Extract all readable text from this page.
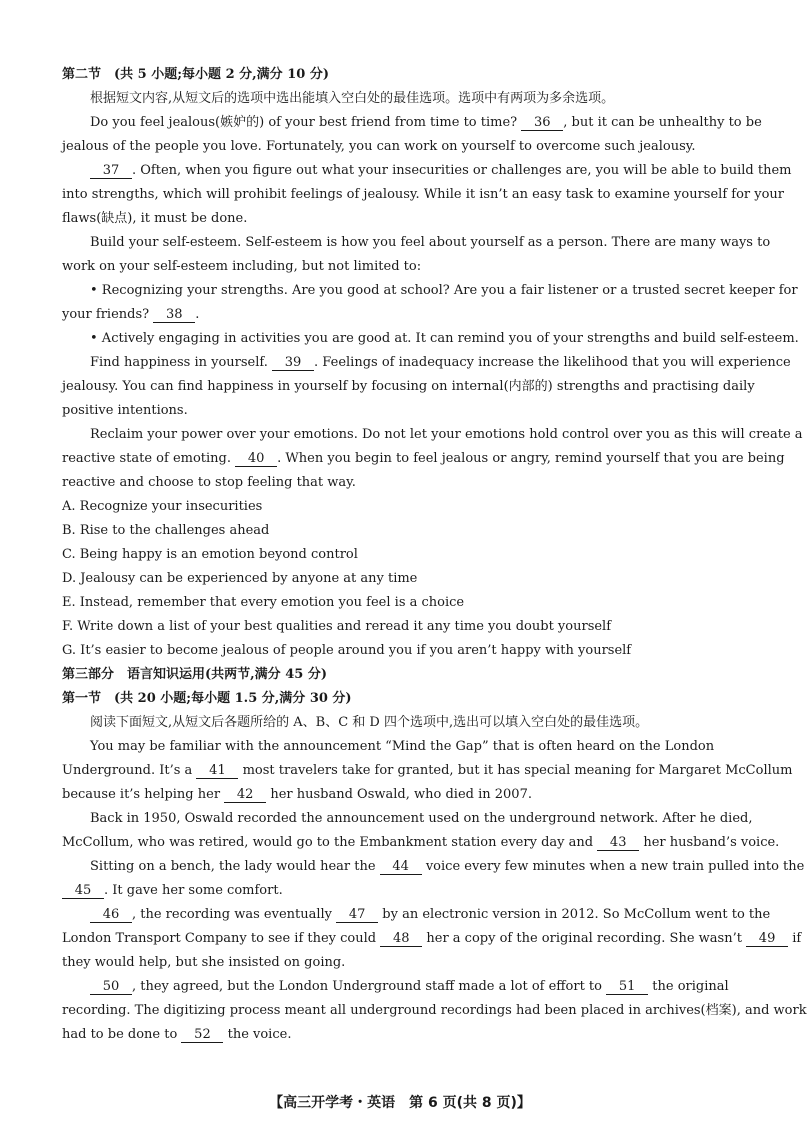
第二节　(共 5 小题;每小题 2 分,满分 10 分)
根据短文内容,从短文后的选项中选出能填入空白处的最佳选项。选项中有两项为多余选项。
Do you feel jealous(嫉妒的) of your best friend from time to time? 36 , but it can be unhealthy to be
jealous of the people you love. Fortunately, you can work on yourself to overcome such jealousy.
37 . Often, when you figure out what your insecurities or challenges are, you will be able to build them
into strengths, which will prohibit feelings of jealousy. While it isn’t an easy task to examine yourself for your
flaws(缺点), it must be done.
Build your self-esteem. Self-esteem is how you feel about yourself as a person. There are many ways to
work on your self-esteem including, but not limited to:
• Recognizing your strengths. Are you good at school? Are you a fair listener or a trusted secret keeper for
your friends? 38 .
• Actively engaging in activities you are good at. It can remind you of your strengths and build self-esteem.
Find happiness in yourself. 39 . Feelings of inadequacy increase the likelihood that you will experience
jealousy. You can find happiness in yourself by focusing on internal(内部的) strengths and practising daily
positive intentions.
Reclaim your power over your emotions. Do not let your emotions hold control over you as this will create a
reactive state of emoting. 40 . When you begin to feel jealous or angry, remind yourself that you are being
reactive and choose to stop feeling that way.
A. Recognize your insecurities
B. Rise to the challenges ahead
C. Being happy is an emotion beyond control
D. Jealousy can be experienced by anyone at any time
E. Instead, remember that every emotion you feel is a choice
F. Write down a list of your best qualities and reread it any time you doubt yourself
G. It’s easier to become jealous of people around you if you aren’t happy with yourself
第三部分　语言知识运用(共两节,满分 45 分)
第一节　(共 20 小题;每小题 1.5 分,满分 30 分)
阅读下面短文,从短文后各题所给的 A、B、C 和 D 四个选项中,选出可以填入空白处的最佳选项。
You may be familiar with the announcement “Mind the Gap” that is often heard on the London
Underground. It’s a 41 most travelers take for granted, but it has special meaning for Margaret McCollum
because it’s helping her 42 her husband Oswald, who died in 2007.
Back in 1950, Oswald recorded the announcement used on the underground network. After he died,
McCollum, who was retired, would go to the Embankment station every day and 43 her husband’s voice.
Sitting on a bench, the lady would hear the 44 voice every few minutes when a new train pulled into the
45 . It gave her some comfort.
46 , the recording was eventually 47 by an electronic version in 2012. So McCollum went to the
London Transport Company to see if they could 48 her a copy of the original recording. She wasn’t 49 if
they would help, but she insisted on going.
50 , they agreed, but the London Underground staff made a lot of effort to 51 the original
recording. The digitizing process meant all underground recordings had been placed in archives(档案), and work
had to be done to 52 the voice.
【高三开学考・英语　第 6 页(共 8 页)】
